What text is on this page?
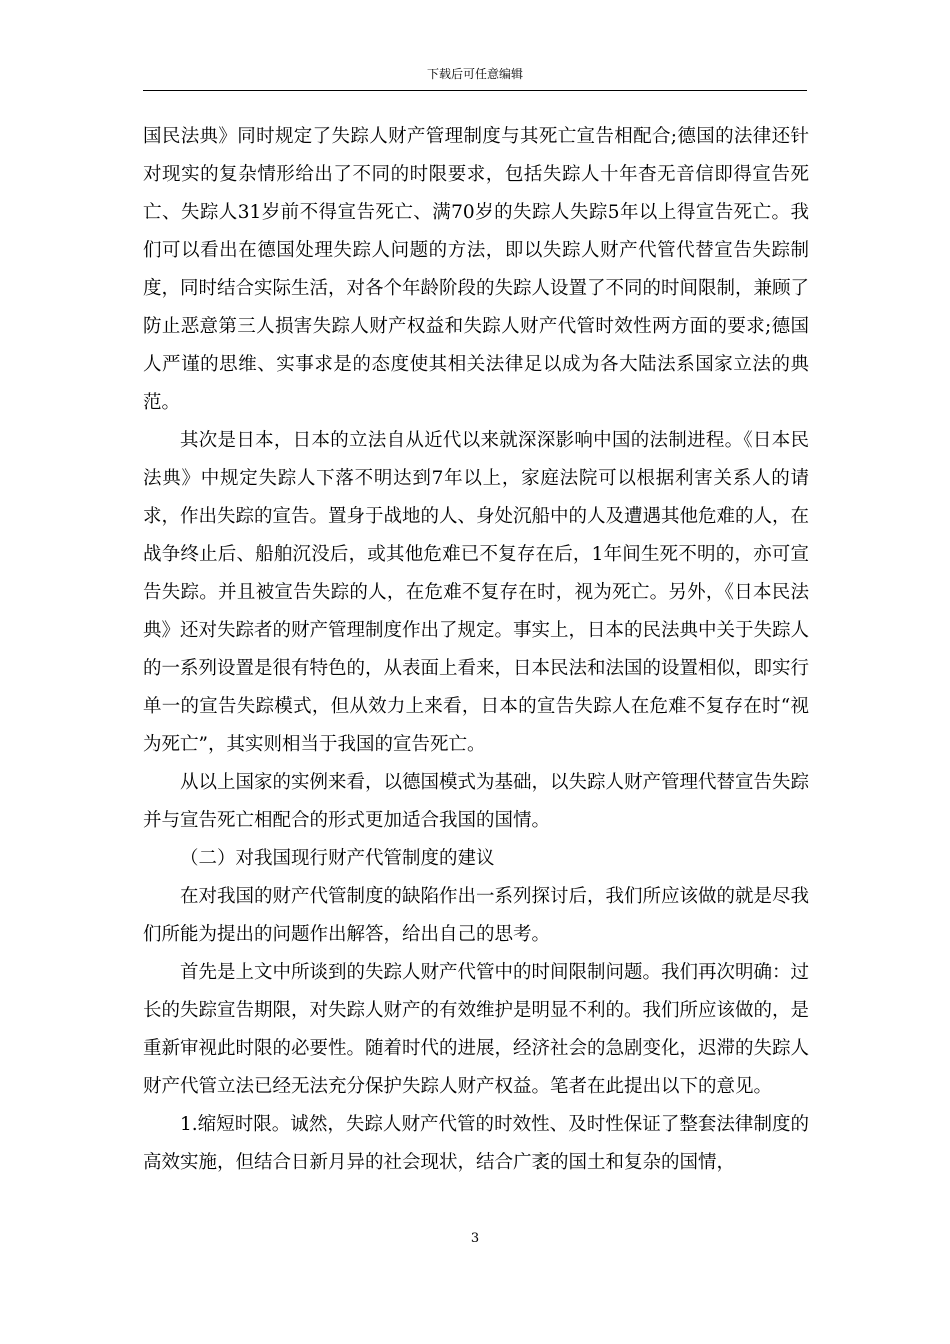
下载后可任意编辑

国民法典》同时规定了失踪人财产管理制度与其死亡宣告相配合;德国的法律还针对现实的复杂情形给出了不同的时限要求，包括失踪人十年杳无音信即得宣告死亡、失踪人31岁前不得宣告死亡、满70岁的失踪人失踪5年以上得宣告死亡。我们可以看出在德国处理失踪人问题的方法，即以失踪人财产代管代替宣告失踪制度，同时结合实际生活，对各个年龄阶段的失踪人设置了不同的时间限制，兼顾了防止恶意第三人损害失踪人财产权益和失踪人财产代管时效性两方面的要求;德国人严谨的思维、实事求是的态度使其相关法律足以成为各大陆法系国家立法的典范。

其次是日本，日本的立法自从近代以来就深深影响中国的法制进程。《日本民法典》中规定失踪人下落不明达到7年以上，家庭法院可以根据利害关系人的请求，作出失踪的宣告。置身于战地的人、身处沉船中的人及遭遇其他危难的人，在战争终止后、船舶沉没后，或其他危难已不复存在后，1年间生死不明的，亦可宣告失踪。并且被宣告失踪的人，在危难不复存在时，视为死亡。另外，《日本民法典》还对失踪者的财产管理制度作出了规定。事实上，日本的民法典中关于失踪人的一系列设置是很有特色的，从表面上看来，日本民法和法国的设置相似，即实行单一的宣告失踪模式，但从效力上来看，日本的宣告失踪人在危难不复存在时“视为死亡”，其实则相当于我国的宣告死亡。

从以上国家的实例来看，以德国模式为基础，以失踪人财产管理代替宣告失踪并与宣告死亡相配合的形式更加适合我国的国情。

（二）对我国现行财产代管制度的建议

在对我国的财产代管制度的缺陷作出一系列探讨后，我们所应该做的就是尽我们所能为提出的问题作出解答，给出自己的思考。

首先是上文中所谈到的失踪人财产代管中的时间限制问题。我们再次明确：过长的失踪宣告期限，对失踪人财产的有效维护是明显不利的。我们所应该做的，是重新审视此时限的必要性。随着时代的进展，经济社会的急剧变化，迟滞的失踪人财产代管立法已经无法充分保护失踪人财产权益。笔者在此提出以下的意见。

1.缩短时限。诚然，失踪人财产代管的时效性、及时性保证了整套法律制度的高效实施，但结合日新月异的社会现状，结合广袤的国土和复杂的国情，

3
